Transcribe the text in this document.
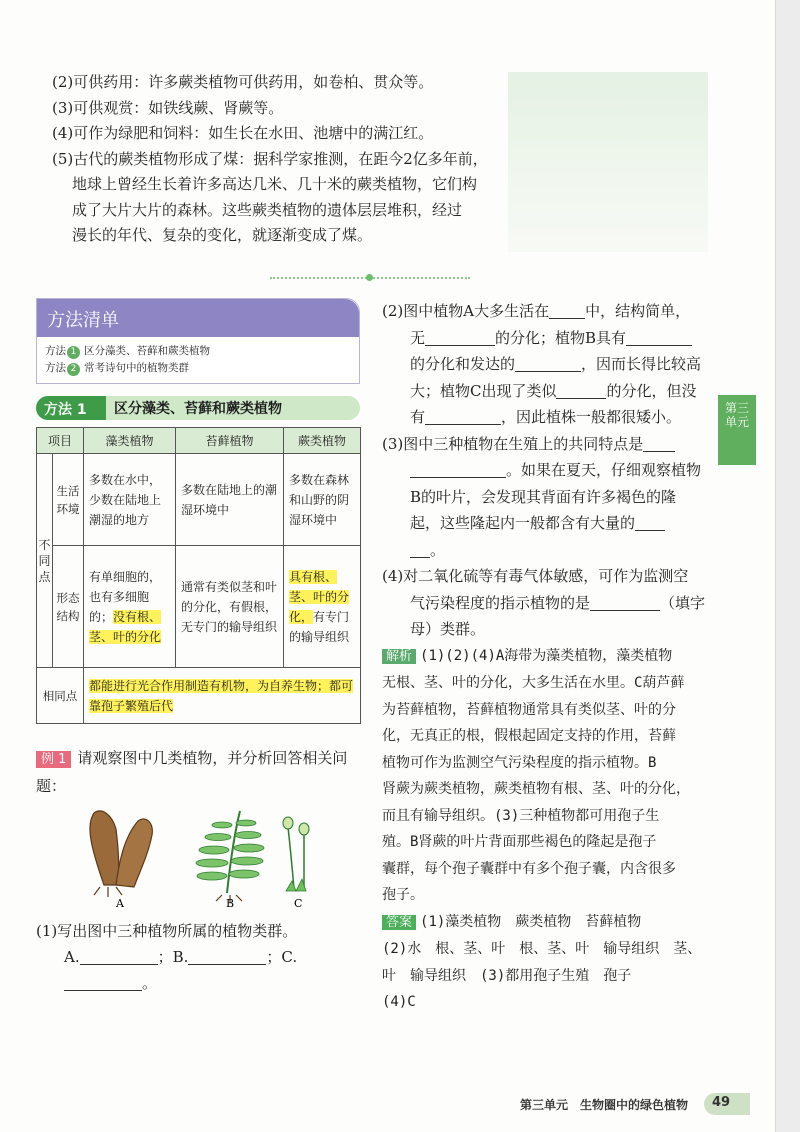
(2)可供药用：许多蕨类植物可供药用，如卷柏、贯众等。

(3)可供观赏：如铁线蕨、肾蕨等。

(4)可作为绿肥和饲料：如生长在水田、池塘中的满江红。

(5)古代的蕨类植物形成了煤：据科学家推测，在距今2亿多年前，

地球上曾经生长着许多高达几米、几十米的蕨类植物，它们构

成了大片大片的森林。这些蕨类植物的遗体层层堆积，经过

漫长的年代、复杂的变化，就逐渐变成了煤。

方法清单
方法 1 区分藻类、苔藓和蕨类植物
方法 2 常考诗句中的植物类群
方法 1	区分藻类、苔藓和蕨类植物
项目		藻类植物	苔藓植物	蕨类植物
不同点	生活环境	多数在水中，少数在陆地上潮湿的地方	多数在陆地上的潮湿环境中	多数在森林和山野的阴湿环境中
	形态结构	有单细胞的，也有多细胞的；没有根、茎、叶的分化	通常有类似茎和叶的分化，有假根，无专门的输导组织	具有根、茎、叶的分化，有专门的输导组织
相同点		都能进行光合作用制造有机物，为自养生物；都可靠孢子繁殖后代		
例 1 请观察图中几类植物，并分析回答相关问题：
A	B	C
(1)写出图中三种植物所属的植物类群。
A.	；B.	；C.。
(2)图中植物A大多生活在 中，结构简单，
无	的分化；植物B具有
的分化和发达的	，因而长得比较高
大；植物C出现了类似	的分化，但没
有	，因此植株一般都很矮小。
(3)图中三种植物在生殖上的共同特点是
。如果在夏天，仔细观察植物
B的叶片，会发现其背面有许多褐色的隆
起，这些隆起内一般都含有大量的
。
(4)对二氧化硫等有毒气体敏感，可作为监测空
气污染程度的指示植物的是	（填字
母）类群。
解析 (1)(2)(4)A海带为藻类植物，藻类植物
无根、茎、叶的分化，大多生活在水里。C葫芦藓
为苔藓植物，苔藓植物通常具有类似茎、叶的分
化，无真正的根，假根起固定支持的作用，苔藓
植物可作为监测空气污染程度的指示植物。B
肾蕨为蕨类植物，蕨类植物有根、茎、叶的分化，
而且有输导组织。(3)三种植物都可用孢子生
殖。B肾蕨的叶片背面那些褐色的隆起是孢子
囊群，每个孢子囊群中有多个孢子囊，内含很多
孢子。
答案 (1)藻类植物　蕨类植物　苔藓植物
(2)水　根、茎、叶　根、茎、叶　输导组织　茎、
叶　输导组织　(3)都用孢子生殖　孢子
(4)C
第三
单元
第三单元　生物圈中的绿色植物	49
